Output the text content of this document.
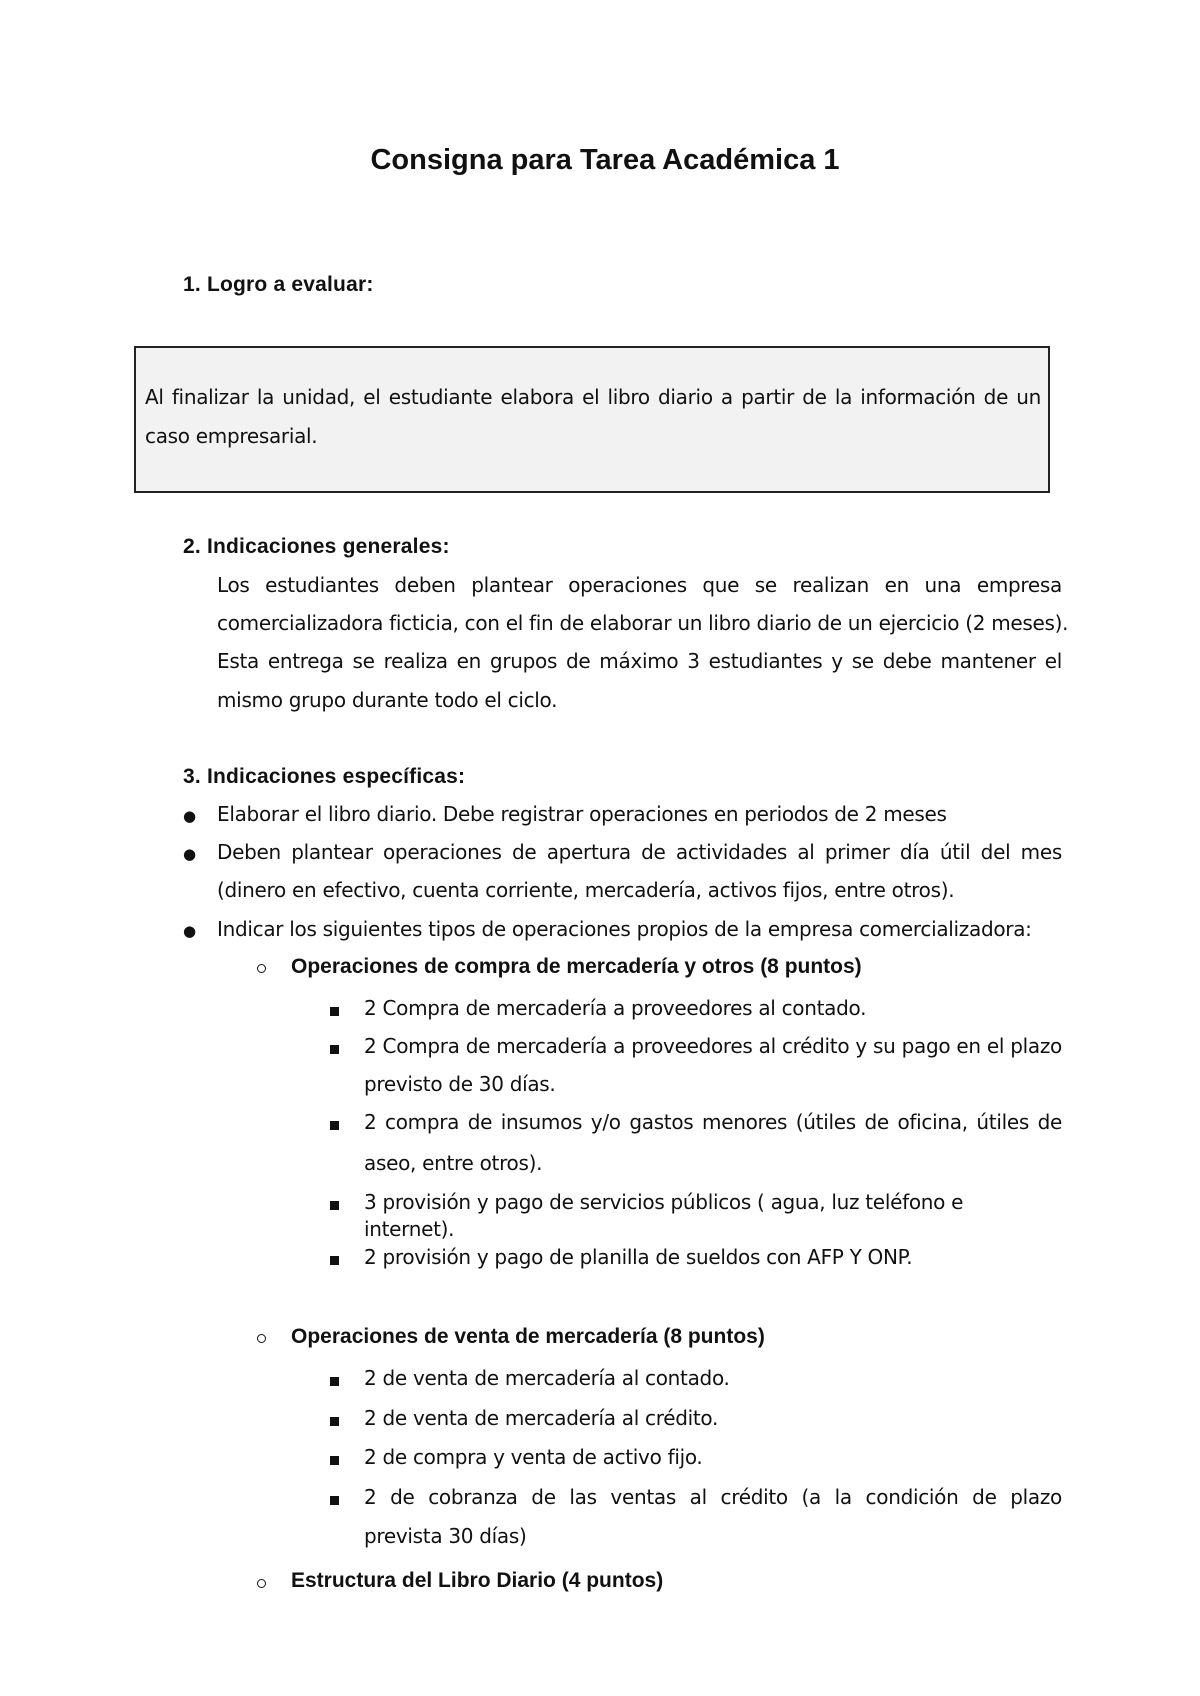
Consigna para Tarea Académica 1
1. Logro a evaluar:
Al finalizar la unidad, el estudiante elabora el libro diario a partir de la información de un
caso empresarial.
2. Indicaciones generales:
Los estudiantes deben plantear operaciones que se realizan en una empresa
comercializadora ficticia, con el fin de elaborar un libro diario de un ejercicio (2 meses).
Esta entrega se realiza en grupos de máximo 3 estudiantes y se debe mantener el
mismo grupo durante todo el ciclo.
3. Indicaciones específicas:
● Elaborar el libro diario. Debe registrar operaciones en periodos de 2 meses
● Deben plantear operaciones de apertura de actividades al primer día útil del mes
(dinero en efectivo, cuenta corriente, mercadería, activos fijos, entre otros).
● Indicar los siguientes tipos de operaciones propios de la empresa comercializadora:
Operaciones de compra de mercadería y otros (8 puntos)
2 Compra de mercadería a proveedores al contado.
2 Compra de mercadería a proveedores al crédito y su pago en el plazo
previsto de 30 días.
2 compra de insumos y/o gastos menores (útiles de oficina, útiles de
aseo, entre otros).
3 provisión y pago de servicios públicos ( agua, luz teléfono e
internet).
2 provisión y pago de planilla de sueldos con AFP Y ONP.
Operaciones de venta de mercadería (8 puntos)
2 de venta de mercadería al contado.
2 de venta de mercadería al crédito.
2 de compra y venta de activo fijo.
2 de cobranza de las ventas al crédito (a la condición de plazo
prevista 30 días)
Estructura del Libro Diario (4 puntos)
